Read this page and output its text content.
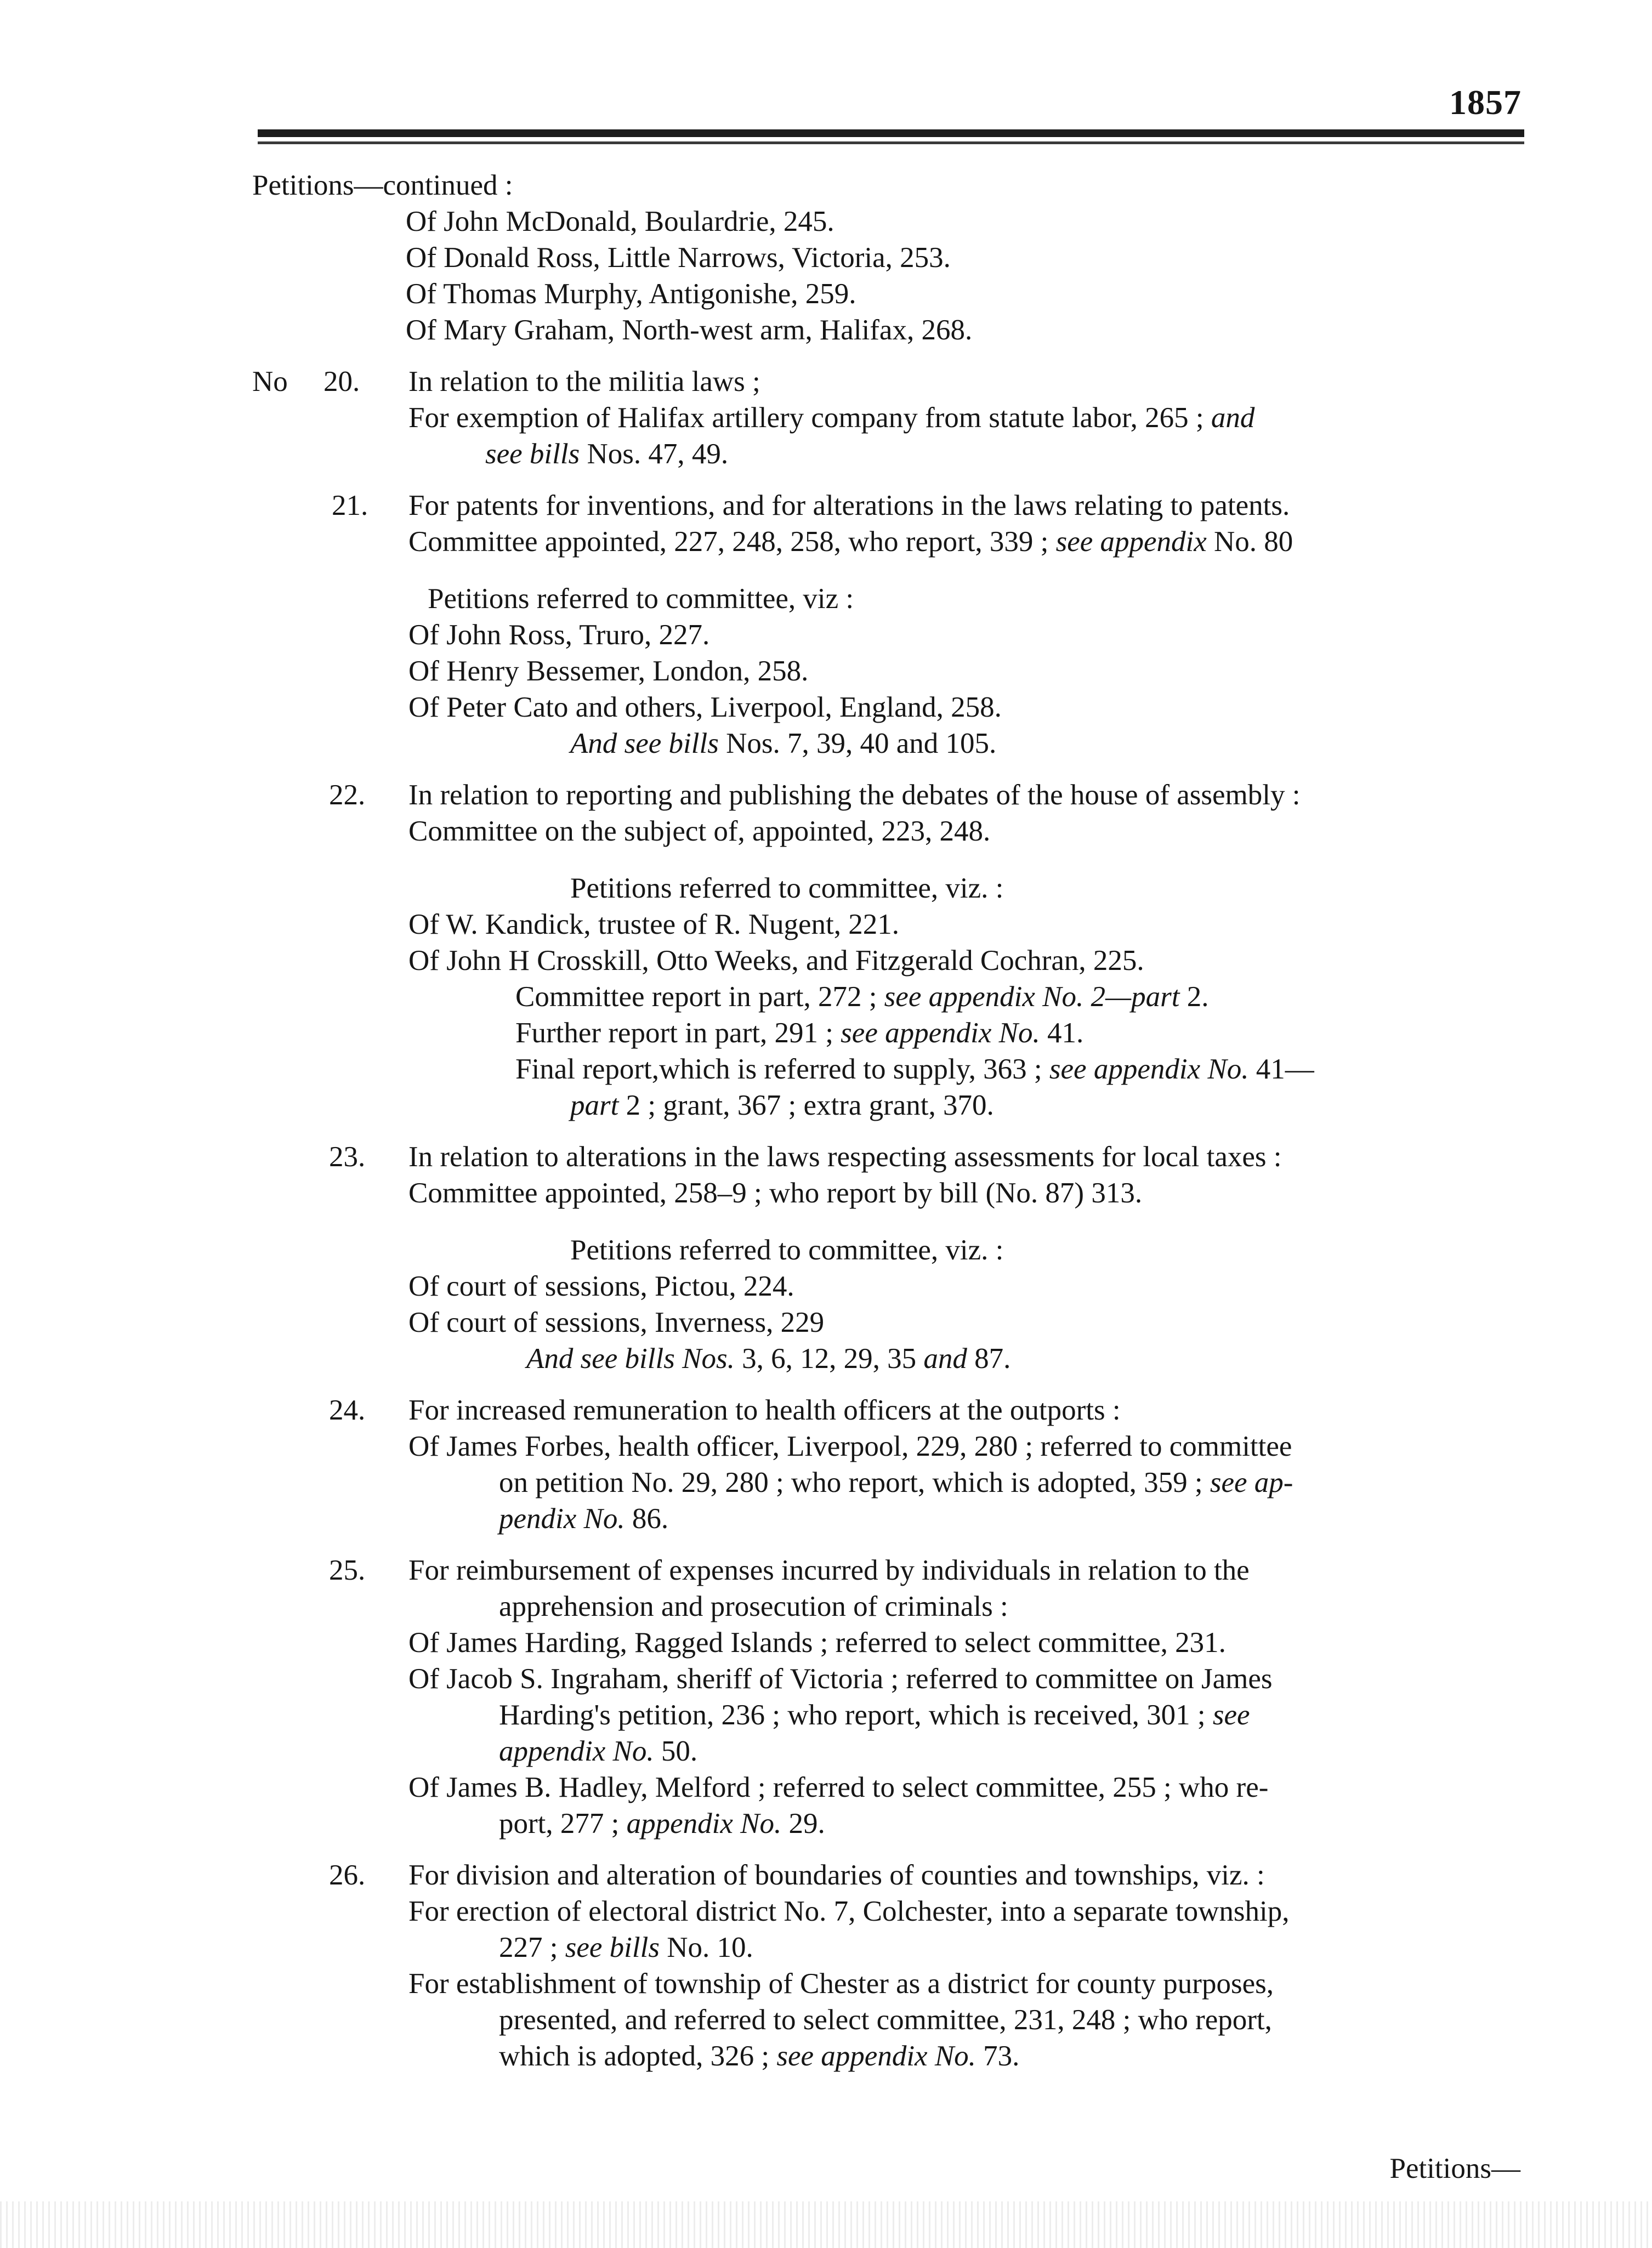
1857
Petitions—continued :
Of John McDonald, Boulardrie, 245.
Of Donald Ross, Little Narrows, Victoria, 253.
Of Thomas Murphy, Antigonishe, 259.
Of Mary Graham, North-west arm, Halifax, 268.
No 20. In relation to the militia laws ;
For exemption of Halifax artillery company from statute labor, 265 ; and
see bills Nos. 47, 49.
21. For patents for inventions, and for alterations in the laws relating to patents.
Committee appointed, 227, 248, 258, who report, 339 ; see appendix No. 80
Petitions referred to committee, viz :
Of John Ross, Truro, 227.
Of Henry Bessemer, London, 258.
Of Peter Cato and others, Liverpool, England, 258.
And see bills Nos. 7, 39, 40 and 105.
22. In relation to reporting and publishing the debates of the house of assembly :
Committee on the subject of, appointed, 223, 248.
Petitions referred to committee, viz. :
Of W. Kandick, trustee of R. Nugent, 221.
Of John H Crosskill, Otto Weeks, and Fitzgerald Cochran, 225.
Committee report in part, 272 ; see appendix No. 2—part 2.
Further report in part, 291 ; see appendix No. 41.
Final report,which is referred to supply, 363 ; see appendix No. 41—
part 2 ; grant, 367 ; extra grant, 370.
23. In relation to alterations in the laws respecting assessments for local taxes :
Committee appointed, 258–9 ; who report by bill (No. 87) 313.
Petitions referred to committee, viz. :
Of court of sessions, Pictou, 224.
Of court of sessions, Inverness, 229
And see bills Nos. 3, 6, 12, 29, 35 and 87.
24. For increased remuneration to health officers at the outports :
Of James Forbes, health officer, Liverpool, 229, 280 ; referred to committee
on petition No. 29, 280 ; who report, which is adopted, 359 ; see ap-
pendix No. 86.
25. For reimbursement of expenses incurred by individuals in relation to the
apprehension and prosecution of criminals :
Of James Harding, Ragged Islands ; referred to select committee, 231.
Of Jacob S. Ingraham, sheriff of Victoria ; referred to committee on James
Harding's petition, 236 ; who report, which is received, 301 ; see
appendix No. 50.
Of James B. Hadley, Melford ; referred to select committee, 255 ; who re-
port, 277 ; appendix No. 29.
26. For division and alteration of boundaries of counties and townships, viz. :
For erection of electoral district No. 7, Colchester, into a separate township,
227 ; see bills No. 10.
For establishment of township of Chester as a district for county purposes,
presented, and referred to select committee, 231, 248 ; who report,
which is adopted, 326 ; see appendix No. 73.
Petitions—
